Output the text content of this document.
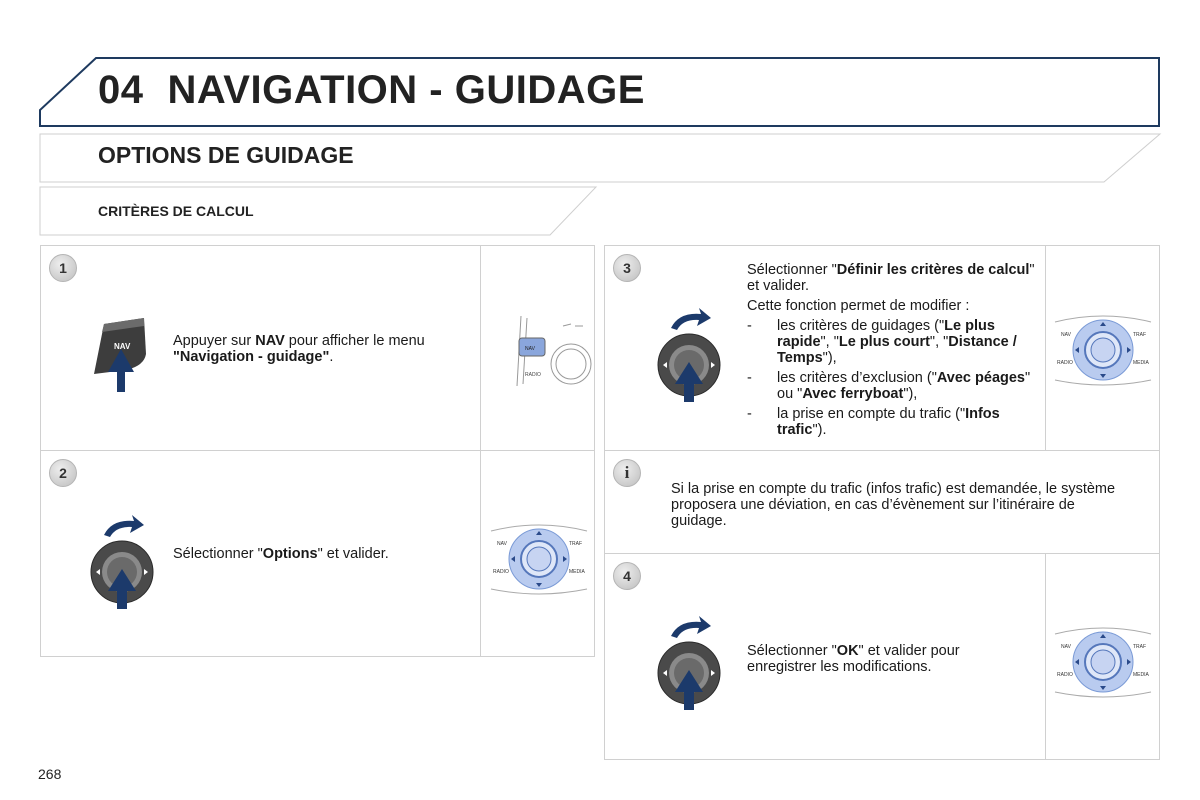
04 NAVIGATION - GUIDAGE
OPTIONS DE GUIDAGE
CRITÈRES DE CALCUL
1
NAV	Appuyer sur NAV pour afficher le menu "Navigation - guidage".	NAV
RADIO
2
Sélectionner "Options" et valider.
NAV	TRAF
RADIO	MEDIA
3	Sélectionner "Définir les critères de calcul" et valider.
Cette fonction permet de modifier :
- les critères de guidages ("Le plus rapide", "Le plus court", "Distance / Temps"),
- les critères d’exclusion ("Avec péages" ou "Avec ferryboat"),
- la prise en compte du trafic ("Infos trafic").
NAV	TRAF
RADIO	MEDIA
i
Si la prise en compte du trafic (infos trafic) est demandée, le système proposera une déviation, en cas d’évènement sur l’itinéraire de guidage.
4
Sélectionner "OK" et valider pour enregistrer les modifications.
NAV	TRAF
RADIO	MEDIA
268
